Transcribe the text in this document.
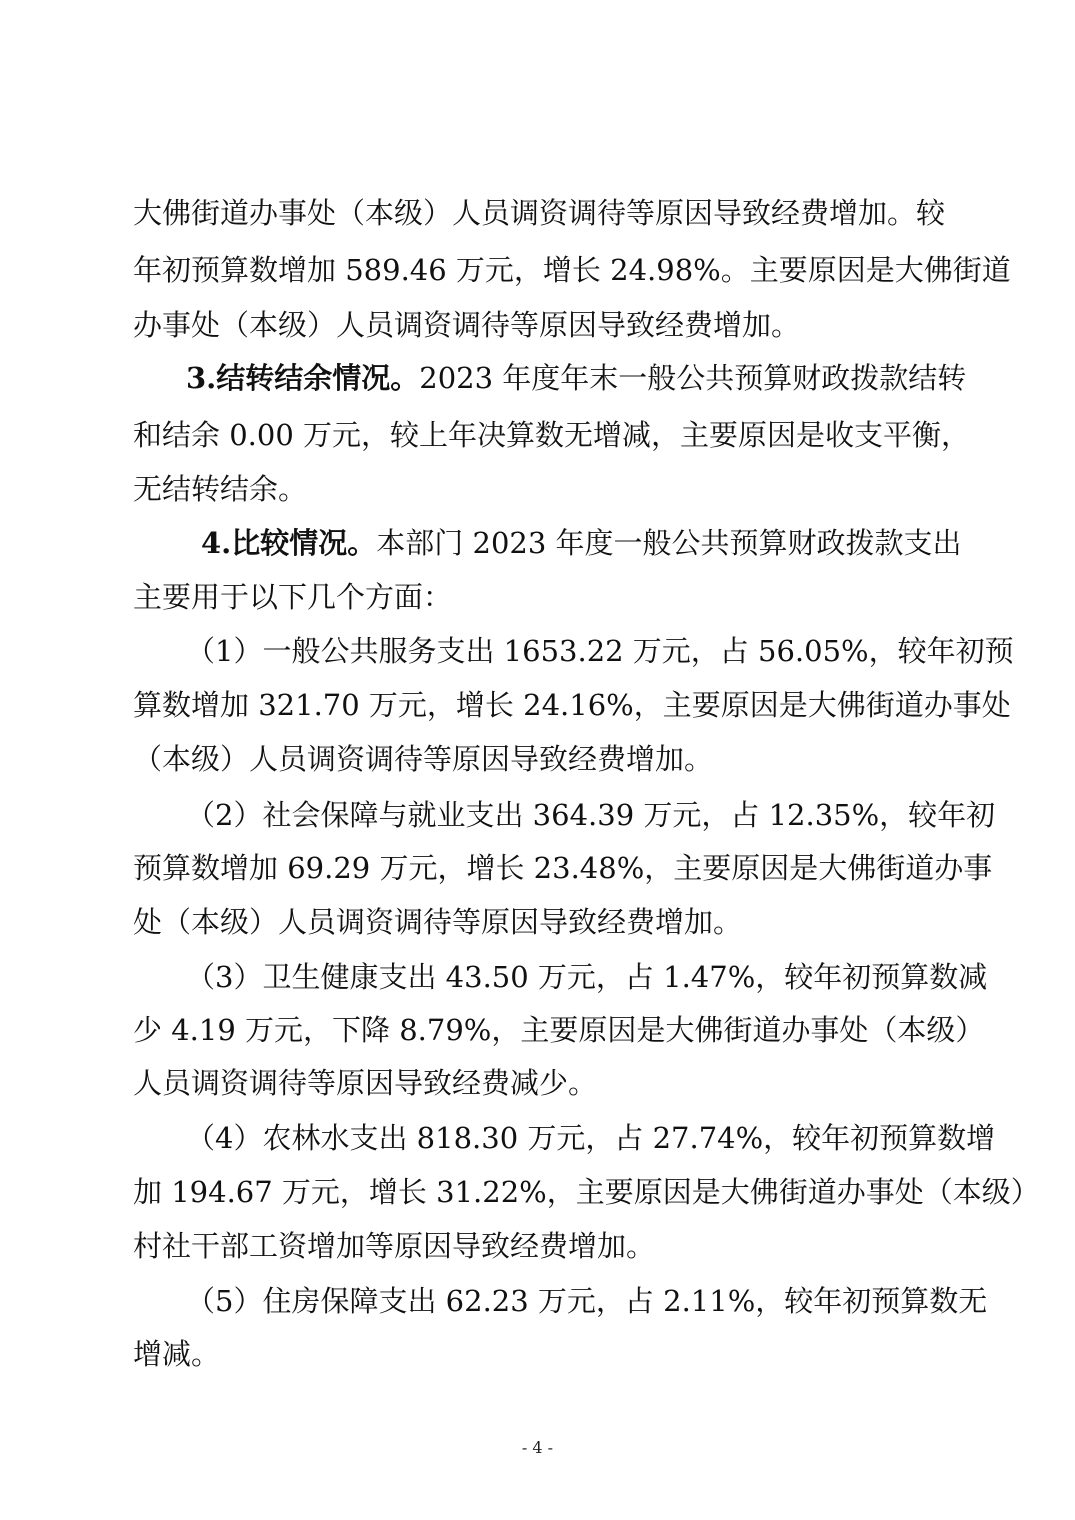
大佛街道办事处（本级）人员调资调待等原因导致经费增加。较
年初预算数增加 589.46 万元，增长 24.98%。主要原因是大佛街道
办事处（本级）人员调资调待等原因导致经费增加。
3.结转结余情况。2023 年度年末一般公共预算财政拨款结转
和结余 0.00 万元，较上年决算数无增减，主要原因是收支平衡，
无结转结余。
4.比较情况。本部门 2023 年度一般公共预算财政拨款支出
主要用于以下几个方面：
（1）一般公共服务支出 1653.22 万元，占 56.05%，较年初预
算数增加 321.70 万元，增长 24.16%，主要原因是大佛街道办事处
（本级）人员调资调待等原因导致经费增加。
（2）社会保障与就业支出 364.39 万元，占 12.35%，较年初
预算数增加 69.29 万元，增长 23.48%，主要原因是大佛街道办事
处（本级）人员调资调待等原因导致经费增加。
（3）卫生健康支出 43.50 万元，占 1.47%，较年初预算数减
少 4.19 万元，下降 8.79%，主要原因是大佛街道办事处（本级）
人员调资调待等原因导致经费减少。
（4）农林水支出 818.30 万元，占 27.74%，较年初预算数增
加 194.67 万元，增长 31.22%，主要原因是大佛街道办事处（本级）
村社干部工资增加等原因导致经费增加。
（5）住房保障支出 62.23 万元，占 2.11%，较年初预算数无
增减。
- 4 -
